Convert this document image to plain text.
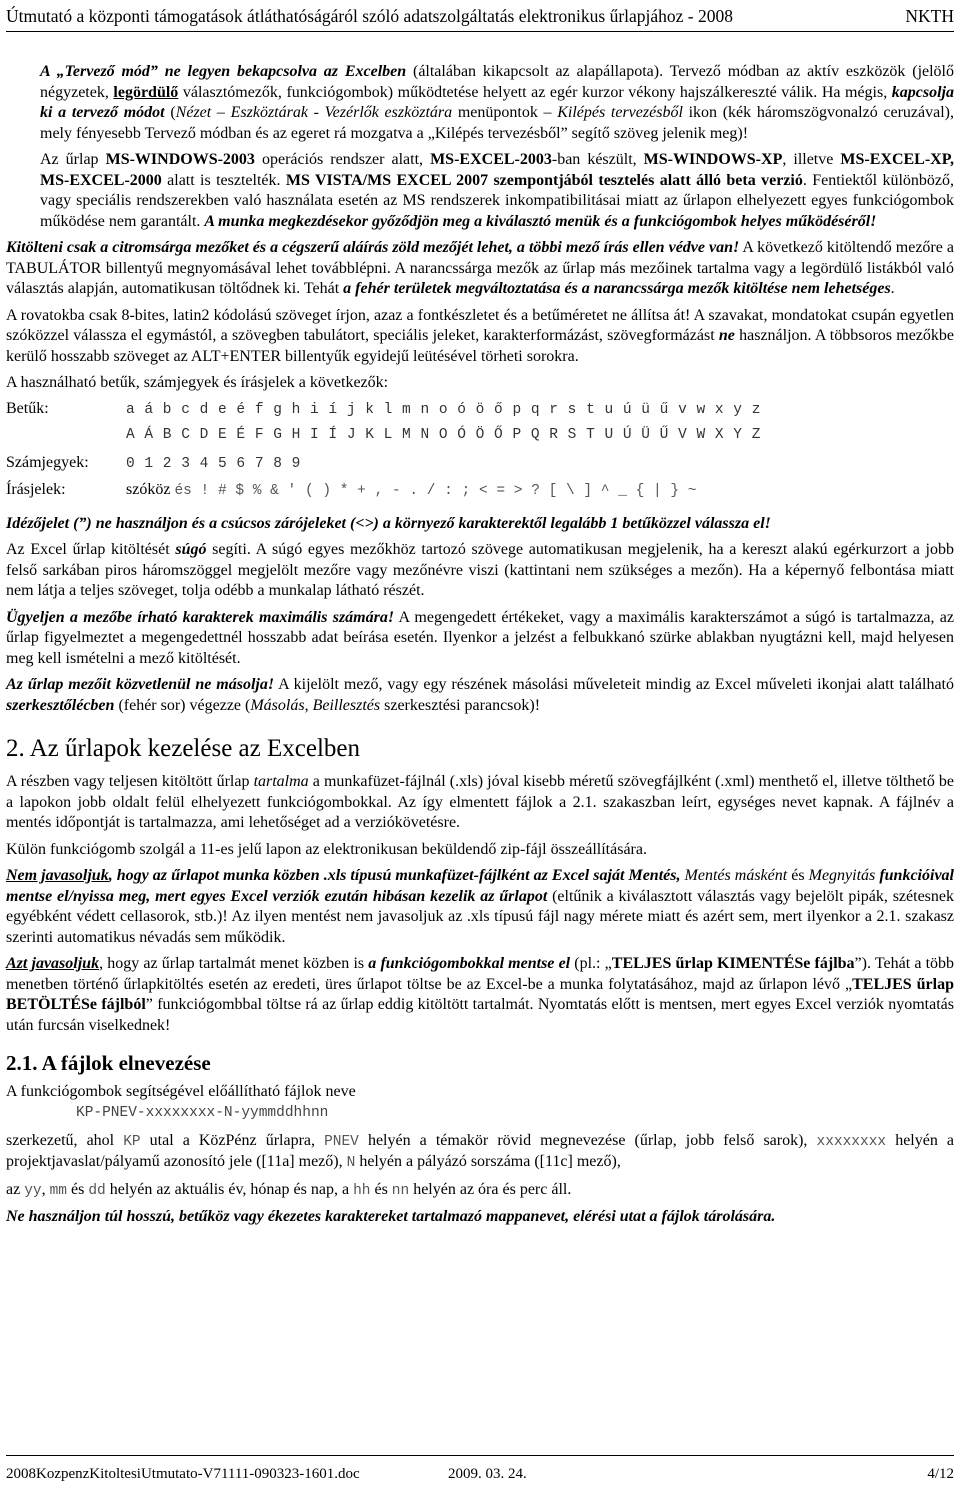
Útmutató a központi támogatások átláthatóságáról szóló adatszolgáltatás elektronikus űrlapjához - 2008	NKTH

A „Tervező mód” ne legyen bekapcsolva az Excelben (általában kikapcsolt az alapállapota). Tervező módban az aktív eszközök (jelölő négyzetek, legördülő választómezők, funkciógombok) működtetése helyett az egér kurzor vékony hajszálkereszté válik. Ha mégis, kapcsolja ki a tervező módot (Nézet – Eszköztárak - Vezérlők eszköztára menüpontok – Kilépés tervezésből ikon (kék háromszögvonalzó ceruzával), mely fényesebb Tervező módban és az egeret rá mozgatva a „Kilépés tervezésből” segítő szöveg jelenik meg)!

Az űrlap MS-WINDOWS-2003 operációs rendszer alatt, MS-EXCEL-2003-ban készült, MS-WINDOWS-XP, illetve MS-EXCEL-XP, MS-EXCEL-2000 alatt is tesztelték. MS VISTA/MS EXCEL 2007 szempontjából tesztelés alatt álló beta verzió. Fentiektől különböző, vagy speciális rendszerekben való használata esetén az MS rendszerek inkompatibilitásai miatt az űrlapon elhelyezett egyes funkciógombok működése nem garantált. A munka megkezdésekor győződjön meg a kiválasztó menük és a funkciógombok helyes működéséről!

Kitölteni csak a citromsárga mezőket és a cégszerű aláírás zöld mezőjét lehet, a többi mező írás ellen védve van! A következő kitöltendő mezőre a TABULÁTOR billentyű megnyomásával lehet továbblépni. A narancssárga mezők az űrlap más mezőinek tartalma vagy a legördülő listákból való választás alapján, automatikusan töltődnek ki. Tehát a fehér területek megváltoztatása és a narancssárga mezők kitöltése nem lehetséges.

A rovatokba csak 8-bites, latin2 kódolású szöveget írjon, azaz a fontkészletet és a betűméretet ne állítsa át! A szavakat, mondatokat csupán egyetlen szóközzel válassza el egymástól, a szövegben tabulátort, speciális jeleket, karakterformázást, szövegformázást ne használjon. A többsoros mezőkbe kerülő hosszabb szöveget az ALT+ENTER billentyűk egyidejű leütésével törheti sorokra.

A használható betűk, számjegyek és írásjelek a következők:

Betűk:	a á b c d e é f g h i í j k l m n o ó ö ő p q r s t u ú ü ű v w x y z
A Á B C D E É F G H I Í J K L M N O Ó Ö Ő P Q R S T U Ú Ü Ű V W X Y Z
Számjegyek:	0 1 2 3 4 5 6 7 8 9
Írásjelek:	szóköz és ! # $ % & ' ( ) * + , - . / : ; < = > ? [ \ ] ^ _ { | } ~

Idézőjelet (”) ne használjon és a csúcsos zárójeleket (<>) a környező karakterektől legalább 1 betűközzel válassza el!

Az Excel űrlap kitöltését súgó segíti. A súgó egyes mezőkhöz tartozó szövege automatikusan megjelenik, ha a kereszt alakú egérkurzort a jobb felső sarkában piros háromszöggel megjelölt mezőre vagy mezőnévre viszi (kattintani nem szükséges a mezőn). Ha a képernyő felbontása miatt nem látja a teljes szöveget, tolja odébb a munkalap látható részét.

Ügyeljen a mezőbe írható karakterek maximális számára! A megengedett értékeket, vagy a maximális karakterszámot a súgó is tartalmazza, az űrlap figyelmeztet a megengedettnél hosszabb adat beírása esetén. Ilyenkor a jelzést a felbukkanó szürke ablakban nyugtázni kell, majd helyesen meg kell ismételni a mező kitöltését.

Az űrlap mezőit közvetlenül ne másolja! A kijelölt mező, vagy egy részének másolási műveleteit mindig az Excel műveleti ikonjai alatt található szerkesztőlécben (fehér sor) végezze (Másolás, Beillesztés szerkesztési parancsok)!

2. Az űrlapok kezelése az Excelben

A részben vagy teljesen kitöltött űrlap tartalma a munkafüzet-fájlnál (.xls) jóval kisebb méretű szövegfájlként (.xml) menthető el, illetve tölthető be a lapokon jobb oldalt felül elhelyezett funkciógombokkal. Az így elmentett fájlok a 2.1. szakaszban leírt, egységes nevet kapnak. A fájlnév a mentés időpontját is tartalmazza, ami lehetőséget ad a verziókövetésre.

Külön funkciógomb szolgál a 11-es jelű lapon az elektronikusan beküldendő zip-fájl összeállítására.

Nem javasoljuk, hogy az űrlapot munka közben .xls típusú munkafüzet-fájlként az Excel saját Mentés, Mentés másként és Megnyitás funkcióival mentse el/nyissa meg, mert egyes Excel verziók ezután hibásan kezelik az űrlapot (eltűnik a kiválasztott választás vagy bejelölt pipák, szétesnek egyébként védett cellasorok, stb.)! Az ilyen mentést nem javasoljuk az .xls típusú fájl nagy mérete miatt és azért sem, mert ilyenkor a 2.1. szakasz szerinti automatikus névadás sem működik.

Azt javasoljuk, hogy az űrlap tartalmát menet közben is a funkciógombokkal mentse el (pl.: „TELJES űrlap KIMENTÉSe fájlba”). Tehát a több menetben történő űrlapkitöltés esetén az eredeti, üres űrlapot töltse be az Excel-be a munka folytatásához, majd az űrlapon lévő „TELJES űrlap BETÖLTÉSe fájlból” funkciógombbal töltse rá az űrlap eddig kitöltött tartalmát. Nyomtatás előtt is mentsen, mert egyes Excel verziók nyomtatás után furcsán viselkednek!

2.1. A fájlok elnevezése

A funkciógombok segítségével előállítható fájlok neve

KP-PNEV-xxxxxxxx-N-yymmddhhnn

szerkezetű, ahol KP utal a KözPénz űrlapra, PNEV helyén a témakör rövid megnevezése (űrlap, jobb felső sarok), xxxxxxxx helyén a projektjavaslat/pályamű azonosító jele ([11a] mező), N helyén a pályázó sorszáma ([11c] mező),

az yy, mm és dd helyén az aktuális év, hónap és nap, a hh és nn helyén az óra és perc áll.

Ne használjon túl hosszú, betűköz vagy ékezetes karaktereket tartalmazó mappanevet, elérési utat a fájlok tárolására.

2008KozpenzKitoltesiUtmutato-V71111-090323-1601.doc	2009. 03. 24.	4/12
